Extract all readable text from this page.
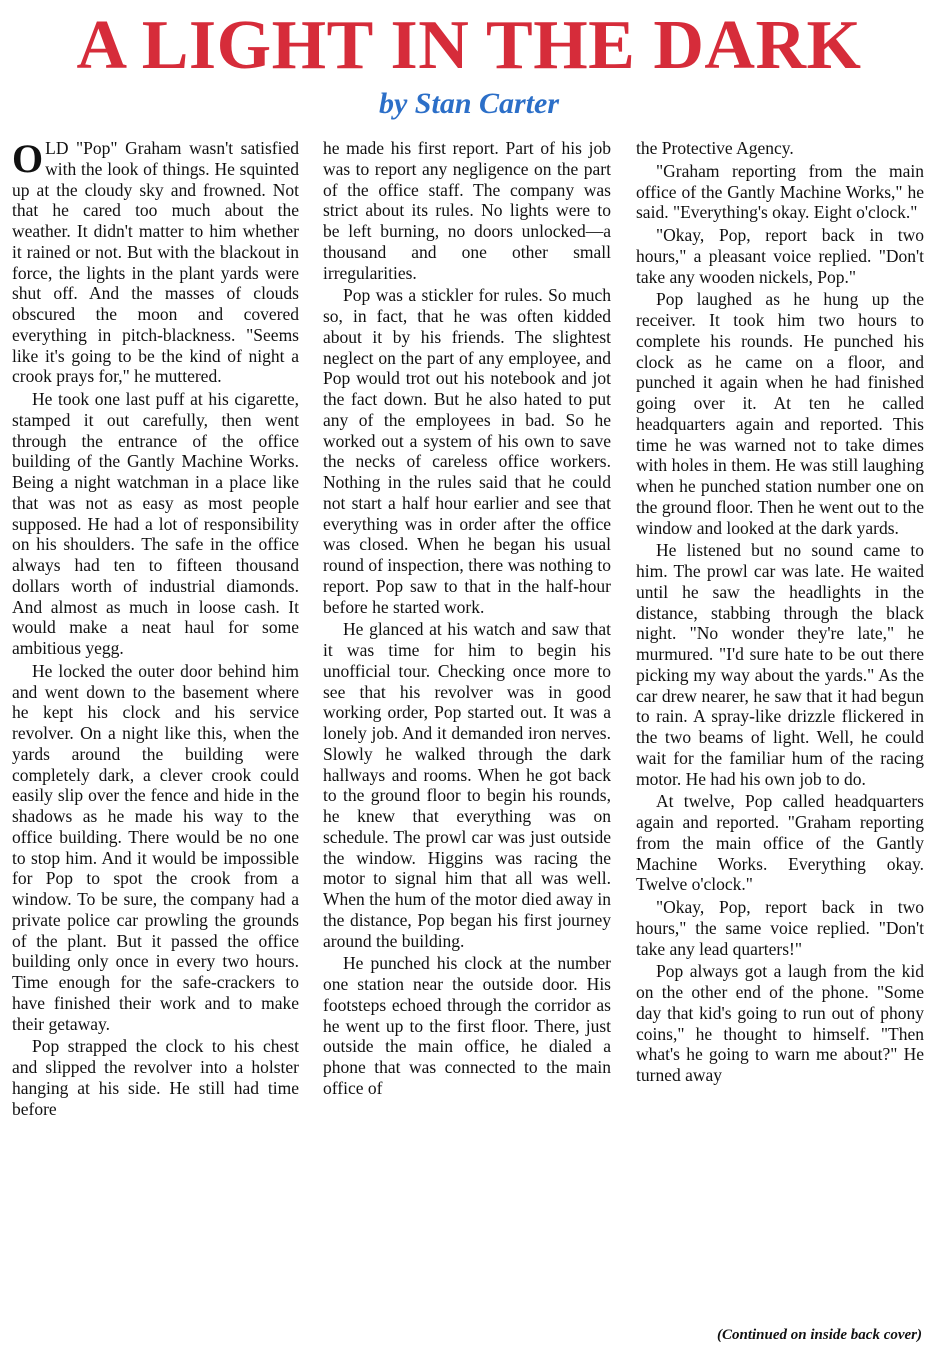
A LIGHT IN THE DARK
by Stan Carter

OLD "Pop" Graham wasn't satisfied with the look of things. He squinted up at the cloudy sky and frowned. Not that he cared too much about the weather. It didn't matter to him whether it rained or not. But with the blackout in force, the lights in the plant yards were shut off. And the masses of clouds obscured the moon and covered everything in pitch-blackness. "Seems like it's going to be the kind of night a crook prays for," he muttered.

He took one last puff at his cigarette, stamped it out carefully, then went through the entrance of the office building of the Gantly Machine Works. Being a night watchman in a place like that was not as easy as most people supposed. He had a lot of responsibility on his shoulders. The safe in the office always had ten to fifteen thousand dollars worth of industrial diamonds. And almost as much in loose cash. It would make a neat haul for some ambitious yegg.

He locked the outer door behind him and went down to the basement where he kept his clock and his service revolver. On a night like this, when the yards around the building were completely dark, a clever crook could easily slip over the fence and hide in the shadows as he made his way to the office building. There would be no one to stop him. And it would be impossible for Pop to spot the crook from a window. To be sure, the company had a private police car prowling the grounds of the plant. But it passed the office building only once in every two hours. Time enough for the safe-crackers to have finished their work and to make their getaway.

Pop strapped the clock to his chest and slipped the revolver into a holster hanging at his side. He still had time before

he made his first report. Part of his job was to report any negligence on the part of the office staff. The company was strict about its rules. No lights were to be left burning, no doors unlocked—a thousand and one other small irregularities.

Pop was a stickler for rules. So much so, in fact, that he was often kidded about it by his friends. The slightest neglect on the part of any employee, and Pop would trot out his notebook and jot the fact down. But he also hated to put any of the employees in bad. So he worked out a system of his own to save the necks of careless office workers. Nothing in the rules said that he could not start a half hour earlier and see that everything was in order after the office was closed. When he began his usual round of inspection, there was nothing to report. Pop saw to that in the half-hour before he started work.

He glanced at his watch and saw that it was time for him to begin his unofficial tour. Checking once more to see that his revolver was in good working order, Pop started out. It was a lonely job. And it demanded iron nerves. Slowly he walked through the dark hallways and rooms. When he got back to the ground floor to begin his rounds, he knew that everything was on schedule. The prowl car was just outside the window. Higgins was racing the motor to signal him that all was well. When the hum of the motor died away in the distance, Pop began his first journey around the building.

He punched his clock at the number one station near the outside door. His footsteps echoed through the corridor as he went up to the first floor. There, just outside the main office, he dialed a phone that was connected to the main office of

the Protective Agency.

"Graham reporting from the main office of the Gantly Machine Works," he said. "Everything's okay. Eight o'clock."

"Okay, Pop, report back in two hours," a pleasant voice replied. "Don't take any wooden nickels, Pop."

Pop laughed as he hung up the receiver. It took him two hours to complete his rounds. He punched his clock as he came on a floor, and punched it again when he had finished going over it. At ten he called headquarters again and reported. This time he was warned not to take dimes with holes in them. He was still laughing when he punched station number one on the ground floor. Then he went out to the window and looked at the dark yards.

He listened but no sound came to him. The prowl car was late. He waited until he saw the headlights in the distance, stabbing through the black night. "No wonder they're late," he murmured. "I'd sure hate to be out there picking my way about the yards." As the car drew nearer, he saw that it had begun to rain. A spray-like drizzle flickered in the two beams of light. Well, he could wait for the familiar hum of the racing motor. He had his own job to do.

At twelve, Pop called headquarters again and reported. "Graham reporting from the main office of the Gantly Machine Works. Everything okay. Twelve o'clock."

"Okay, Pop, report back in two hours," the same voice replied. "Don't take any lead quarters!"

Pop always got a laugh from the kid on the other end of the phone. "Some day that kid's going to run out of phony coins," he thought to himself. "Then what's he going to warn me about?" He turned away

(Continued on inside back cover)
